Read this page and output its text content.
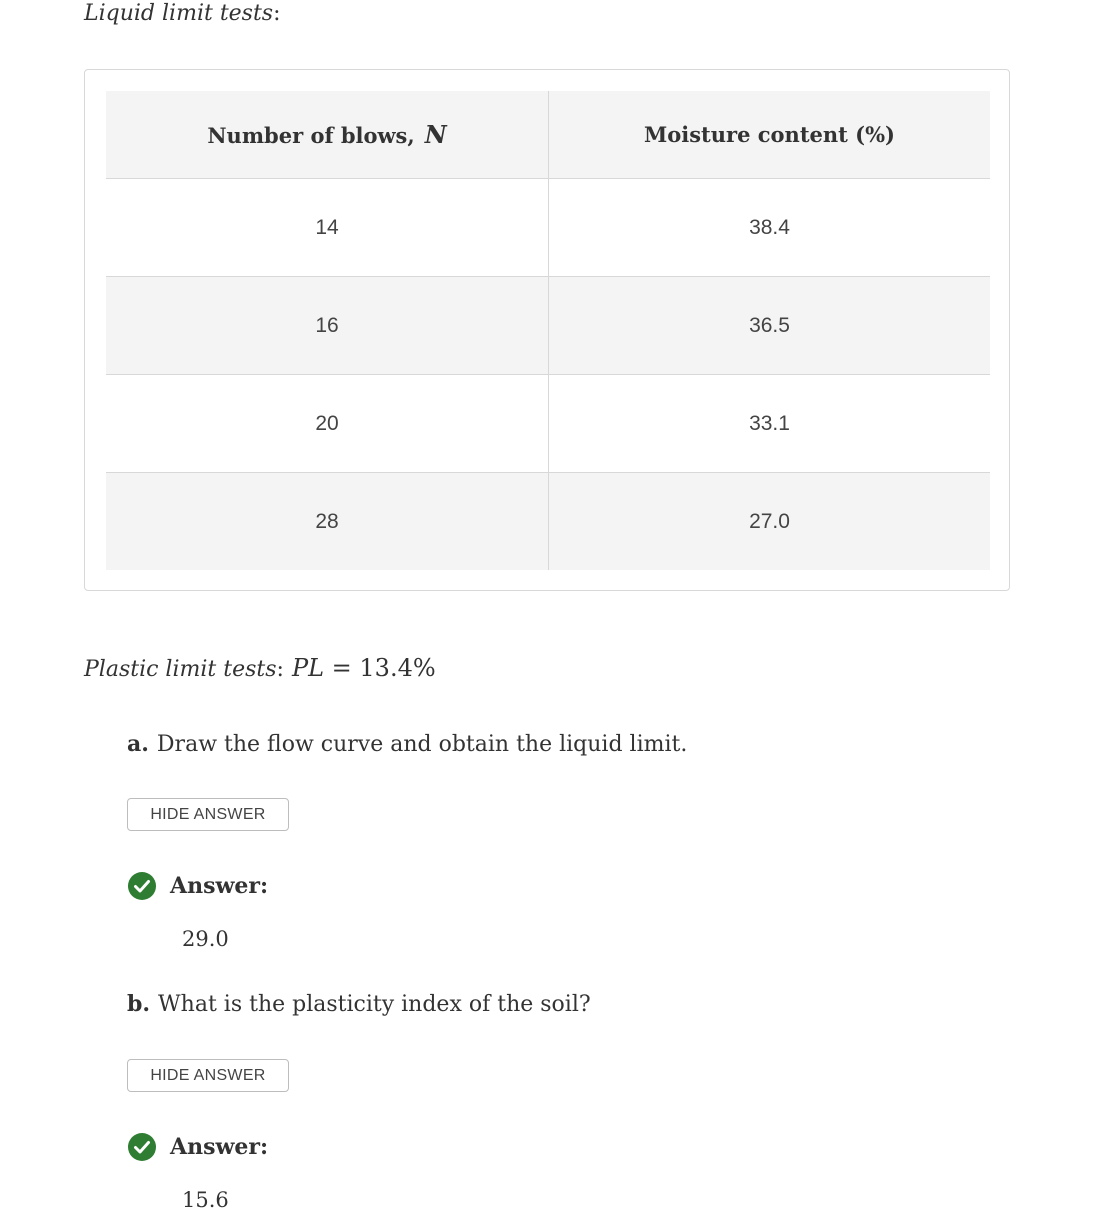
Liquid limit tests:
Number of blows, N	Moisture content (%)
14	38.4
16	36.5
20	33.1
28	27.0
Plastic limit tests: PL = 13.4%
a. Draw the flow curve and obtain the liquid limit.
HIDE ANSWER
Answer:
29.0
b. What is the plasticity index of the soil?
HIDE ANSWER
Answer:
15.6
